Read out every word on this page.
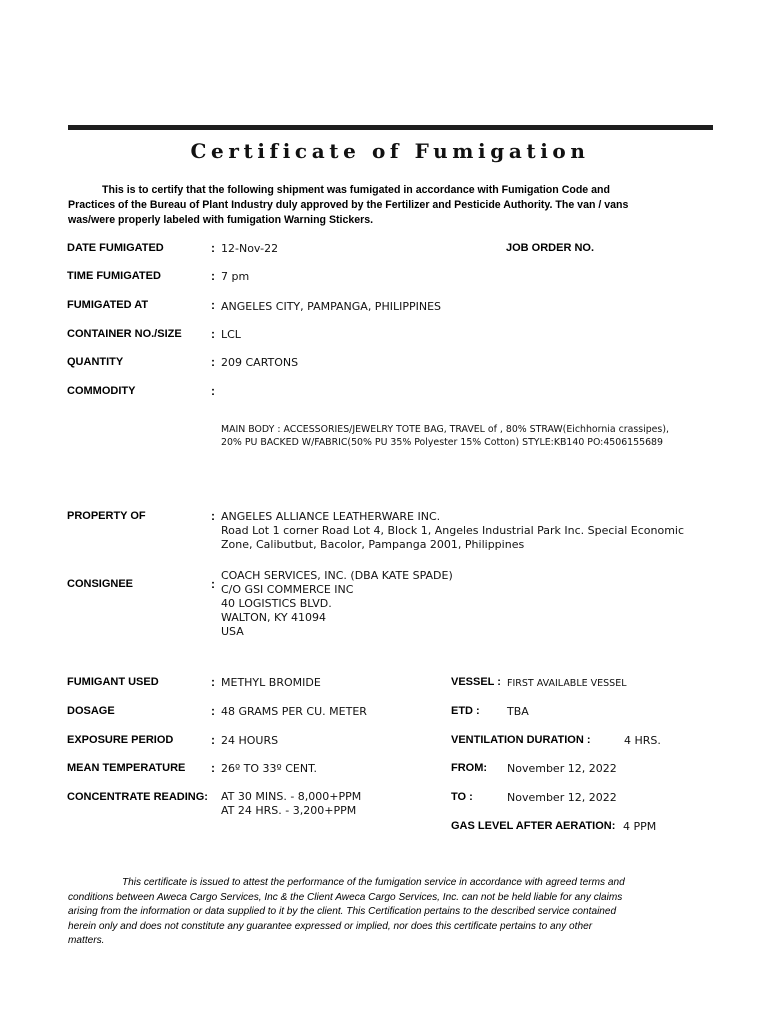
Certificate of Fumigation
This is to certify that the following shipment was fumigated in accordance with Fumigation Code and Practices of the Bureau of Plant Industry duly approved by the Fertilizer and Pesticide Authority. The van / vans was/were properly labeled with fumigation Warning Stickers.
DATE FUMIGATED	: 12-Nov-22	JOB ORDER NO.
TIME FUMIGATED	: 7 pm
FUMIGATED AT	: ANGELES CITY, PAMPANGA, PHILIPPINES
CONTAINER NO./SIZE : LCL
QUANTITY	: 209 CARTONS
COMMODITY	:
MAIN BODY : ACCESSORIES/JEWELRY TOTE BAG, TRAVEL of , 80% STRAW(Eichhornia crassipes),
20% PU BACKED W/FABRIC(50% PU 35% Polyester 15% Cotton) STYLE:KB140 PO:4506155689
PROPERTY OF	: ANGELES ALLIANCE LEATHERWARE INC.
Road Lot 1 corner Road Lot 4, Block 1, Angeles Industrial Park Inc. Special Economic
Zone, Calibutbut, Bacolor, Pampanga 2001, Philippines
CONSIGNEE	:
COACH SERVICES, INC. (DBA KATE SPADE)
C/O GSI COMMERCE INC
40 LOGISTICS BLVD.
WALTON, KY 41094
USA
FUMIGANT USED	: METHYL BROMIDE
DOSAGE	: 48 GRAMS PER CU. METER
EXPOSURE PERIOD	: 24 HOURS
MEAN TEMPERATURE : 26º TO 33º CENT.
CONCENTRATE READING: AT 30 MINS. - 8,000+PPM
AT 24 HRS. - 3,200+PPM
VESSEL : FIRST AVAILABLE VESSEL
ETD : TBA
VENTILATION DURATION :	4 HRS.
FROM: November 12, 2022
TO :	November 12, 2022
GAS LEVEL AFTER AERATION: 4 PPM
This certificate is issued to attest the performance of the fumigation service in accordance with agreed terms and conditions between Aweca Cargo Services, Inc & the Client Aweca Cargo Services, Inc. can not be held liable for any claims arising from the information or data supplied to it by the client. This Certification pertains to the described service contained herein only and does not constitute any guarantee expressed or implied, nor does this certificate pertains to any other matters.
